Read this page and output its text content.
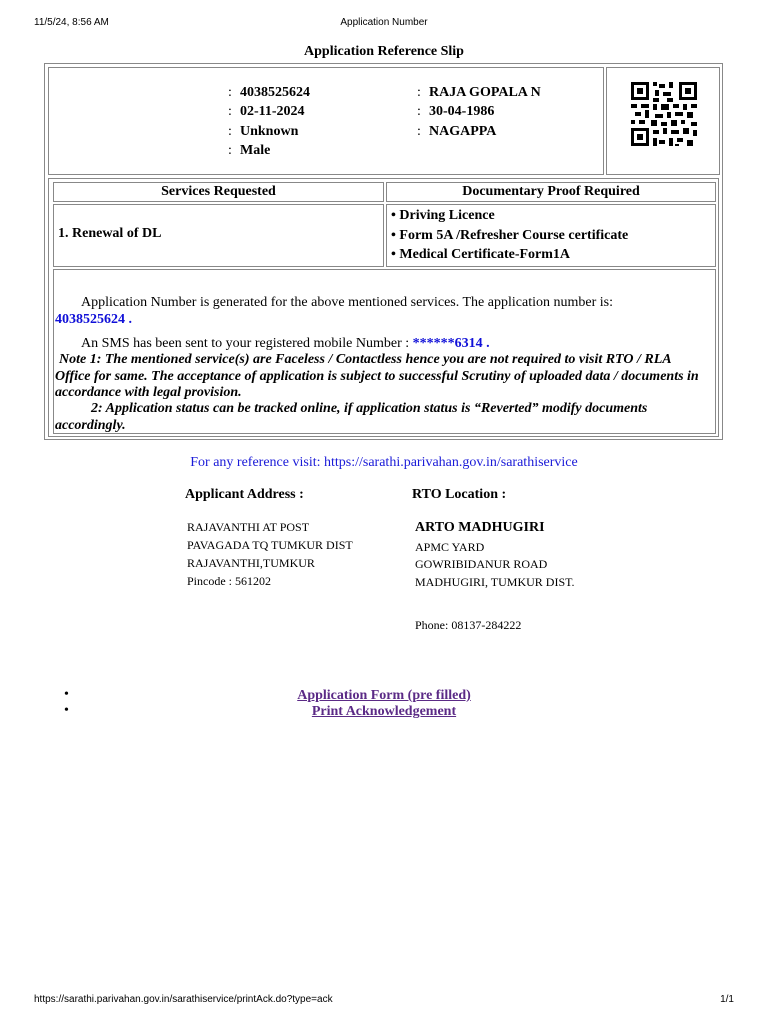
11/5/24, 8:56 AM	Application Number
Application Reference Slip
: 4038525624	: RAJA GOPALA N
: 02-11-2024	: 30-04-1986
: Unknown	: NAGAPPA
: Male
Services Requested	Documentary Proof Required
1. Renewal of DL
• Driving Licence
• Form 5A /Refresher Course certificate
• Medical Certificate-Form1A
Application Number is generated for the above mentioned services. The application number is:
4038525624 .
An SMS has been sent to your registered mobile Number : ******6314 .
Note 1: The mentioned service(s) are Faceless / Contactless hence you are not required to visit RTO / RLA Office for same. The acceptance of application is subject to successful Scrutiny of uploaded data / documents in accordance with legal provision.
2: Application status can be tracked online, if application status is “Reverted” modify documents accordingly.
For any reference visit: https://sarathi.parivahan.gov.in/sarathiservice
Applicant Address :	RTO Location :
RAJAVANTHI AT POST
PAVAGADA TQ TUMKUR DIST
RAJAVANTHI,TUMKUR
Pincode : 561202
ARTO MADHUGIRI
APMC YARD
GOWRIBIDANUR ROAD
MADHUGIRI, TUMKUR DIST.
Phone: 08137-284222
•	Application Form (pre filled)
•	Print Acknowledgement
https://sarathi.parivahan.gov.in/sarathiservice/printAck.do?type=ack	1/1
